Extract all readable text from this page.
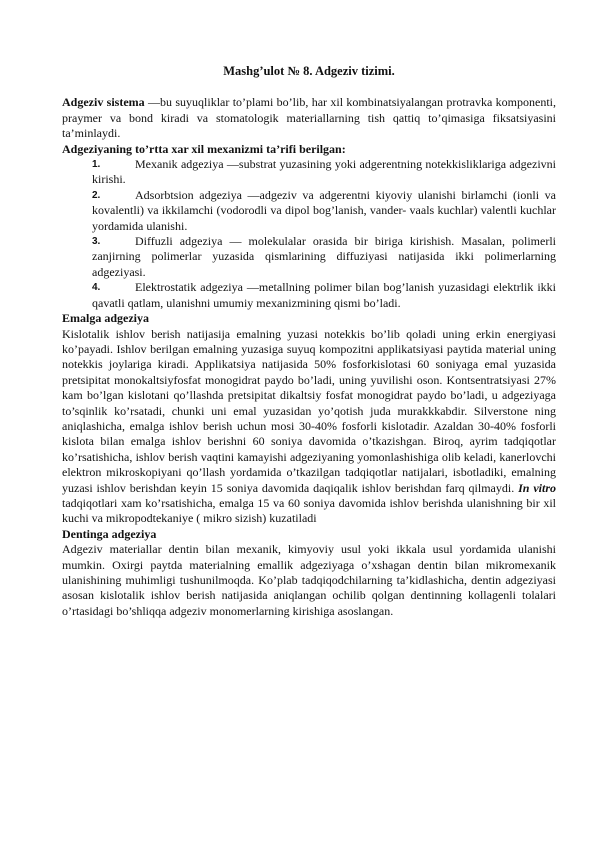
Mashg’ulot № 8. Adgeziv tizimi.

Adgeziv sistema —bu suyuqliklar to’plami bo’lib, har xil kombinatsiyalangan protravka komponenti, praymer va bond kiradi va stomatologik materiallarning tish qattiq to’qimasiga fiksatsiyasini ta’minlaydi.

Adgeziyaning to’rtta xar xil mexanizmi ta’rifi berilgan:
1.	Mexanik adgeziya —substrat yuzasining yoki adgerentning notekkisliklariga adgezivni kirishi.
2.	Adsorbtsion adgeziya —adgeziv va adgerentni kiyoviy ulanishi birlamchi (ionli va kovalentli) va ikkilamchi (vodorodli va dipol bog’lanish, vander- vaals kuchlar) valentli kuchlar yordamida ulanishi.
3.	Diffuzli adgeziya — molekulalar orasida bir biriga kirishish. Masalan, polimerli zanjirning polimerlar yuzasida qismlarining diffuziyasi natijasida ikki polimerlarning adgeziyasi.
4.	Elektrostatik adgeziya —metallning polimer bilan bog’lanish yuzasidagi elektrlik ikki qavatli qatlam, ulanishni umumiy mexanizmining qismi bo’ladi.
Emalga adgeziya

Kislotalik ishlov berish natijasija emalning yuzasi notekkis bo’lib qoladi uning erkin energiyasi ko’payadi. Ishlov berilgan emalning yuzasiga suyuq kompozitni applikatsiyasi paytida material uning notekkis joylariga kiradi. Applikatsiya natijasida 50% fosforkislotasi 60 soniyaga emal yuzasida pretsipitat monokaltsiyfosfat monogidrat paydo bo’ladi, uning yuvilishi oson. Kontsentratsiyasi 27% kam bo’lgan kislotani qo’llashda pretsipitat dikaltsiy fosfat monogidrat paydo bo’ladi, u adgeziyaga to’sqinlik ko’rsatadi, chunki uni emal yuzasidan yo’qotish juda murakkkabdir. Silverstone ning aniqlashicha, emalga ishlov berish uchun mosi 30-40% fosforli kislotadir. Azaldan 30-40% fosforli kislota bilan emalga ishlov berishni 60 soniya davomida o’tkazishgan. Biroq, ayrim tadqiqotlar ko’rsatishicha, ishlov berish vaqtini kamayishi adgeziyaning yomonlashishiga olib keladi, kanerlovchi elektron mikroskopiyani qo’llash yordamida o’tkazilgan tadqiqotlar natijalari, isbotladiki, emalning yuzasi ishlov berishdan keyin 15 soniya davomida daqiqalik ishlov berishdan farq qilmaydi. In vitro tadqiqotlari xam ko’rsatishicha, emalga 15 va 60 soniya davomida ishlov berishda ulanishning bir xil kuchi va mikropodtekaniye ( mikro sizish) kuzatiladi

Dentinga adgeziya

Adgeziv materiallar dentin bilan mexanik, kimyoviy usul yoki ikkala usul yordamida ulanishi mumkin. Oxirgi paytda materialning emallik adgeziyaga o’xshagan dentin bilan mikromexanik ulanishining muhimligi tushunilmoqda. Ko’plab tadqiqodchilarning ta’kidlashicha, dentin adgeziyasi asosan kislotalik ishlov berish natijasida aniqlangan ochilib qolgan dentinning kollagenli tolalari o’rtasidagi bo’shliqqa adgeziv monomerlarning kirishiga asoslangan.
